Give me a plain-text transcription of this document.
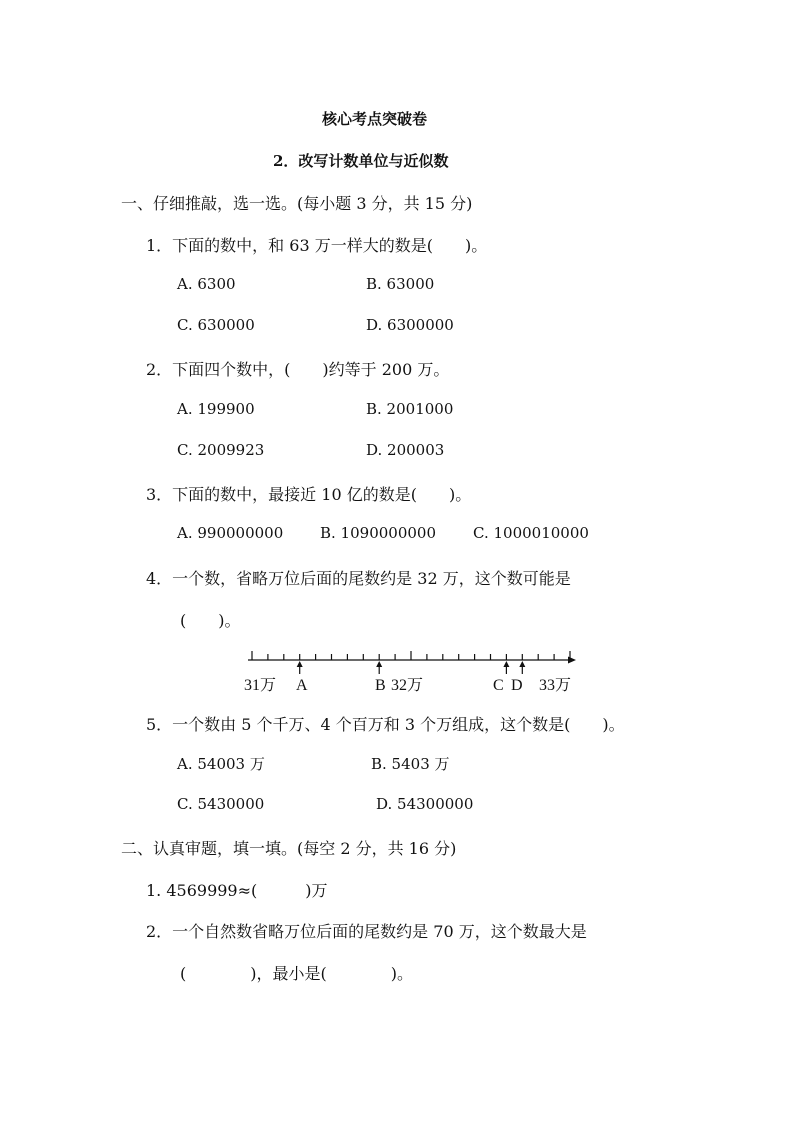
核心考点突破卷
2．改写计数单位与近似数
一、仔细推敲，选一选。(每小题 3 分，共 15 分)
1．下面的数中，和 63 万一样大的数是(　　)。
A. 6300	B. 63000
C. 630000	D. 6300000
2．下面四个数中，(　　)约等于 200 万。
A. 199900	B. 2001000
C. 2009923	D. 200003
3．下面的数中，最接近 10 亿的数是(　　)。
A. 990000000 B. 1090000000 C. 1000010000
4．一个数，省略万位后面的尾数约是 32 万，这个数可能是
(　　)。
31万 A	B 32万	C D 33万
5．一个数由 5 个千万、4 个百万和 3 个万组成，这个数是(　　)。
A. 54003 万	B. 5403 万
C. 5430000	D. 54300000
二、认真审题，填一填。(每空 2 分，共 16 分)
1. 4569999≈(　　　)万
2．一个自然数省略万位后面的尾数约是 70 万，这个数最大是
(　　　　)，最小是(　　　　)。
